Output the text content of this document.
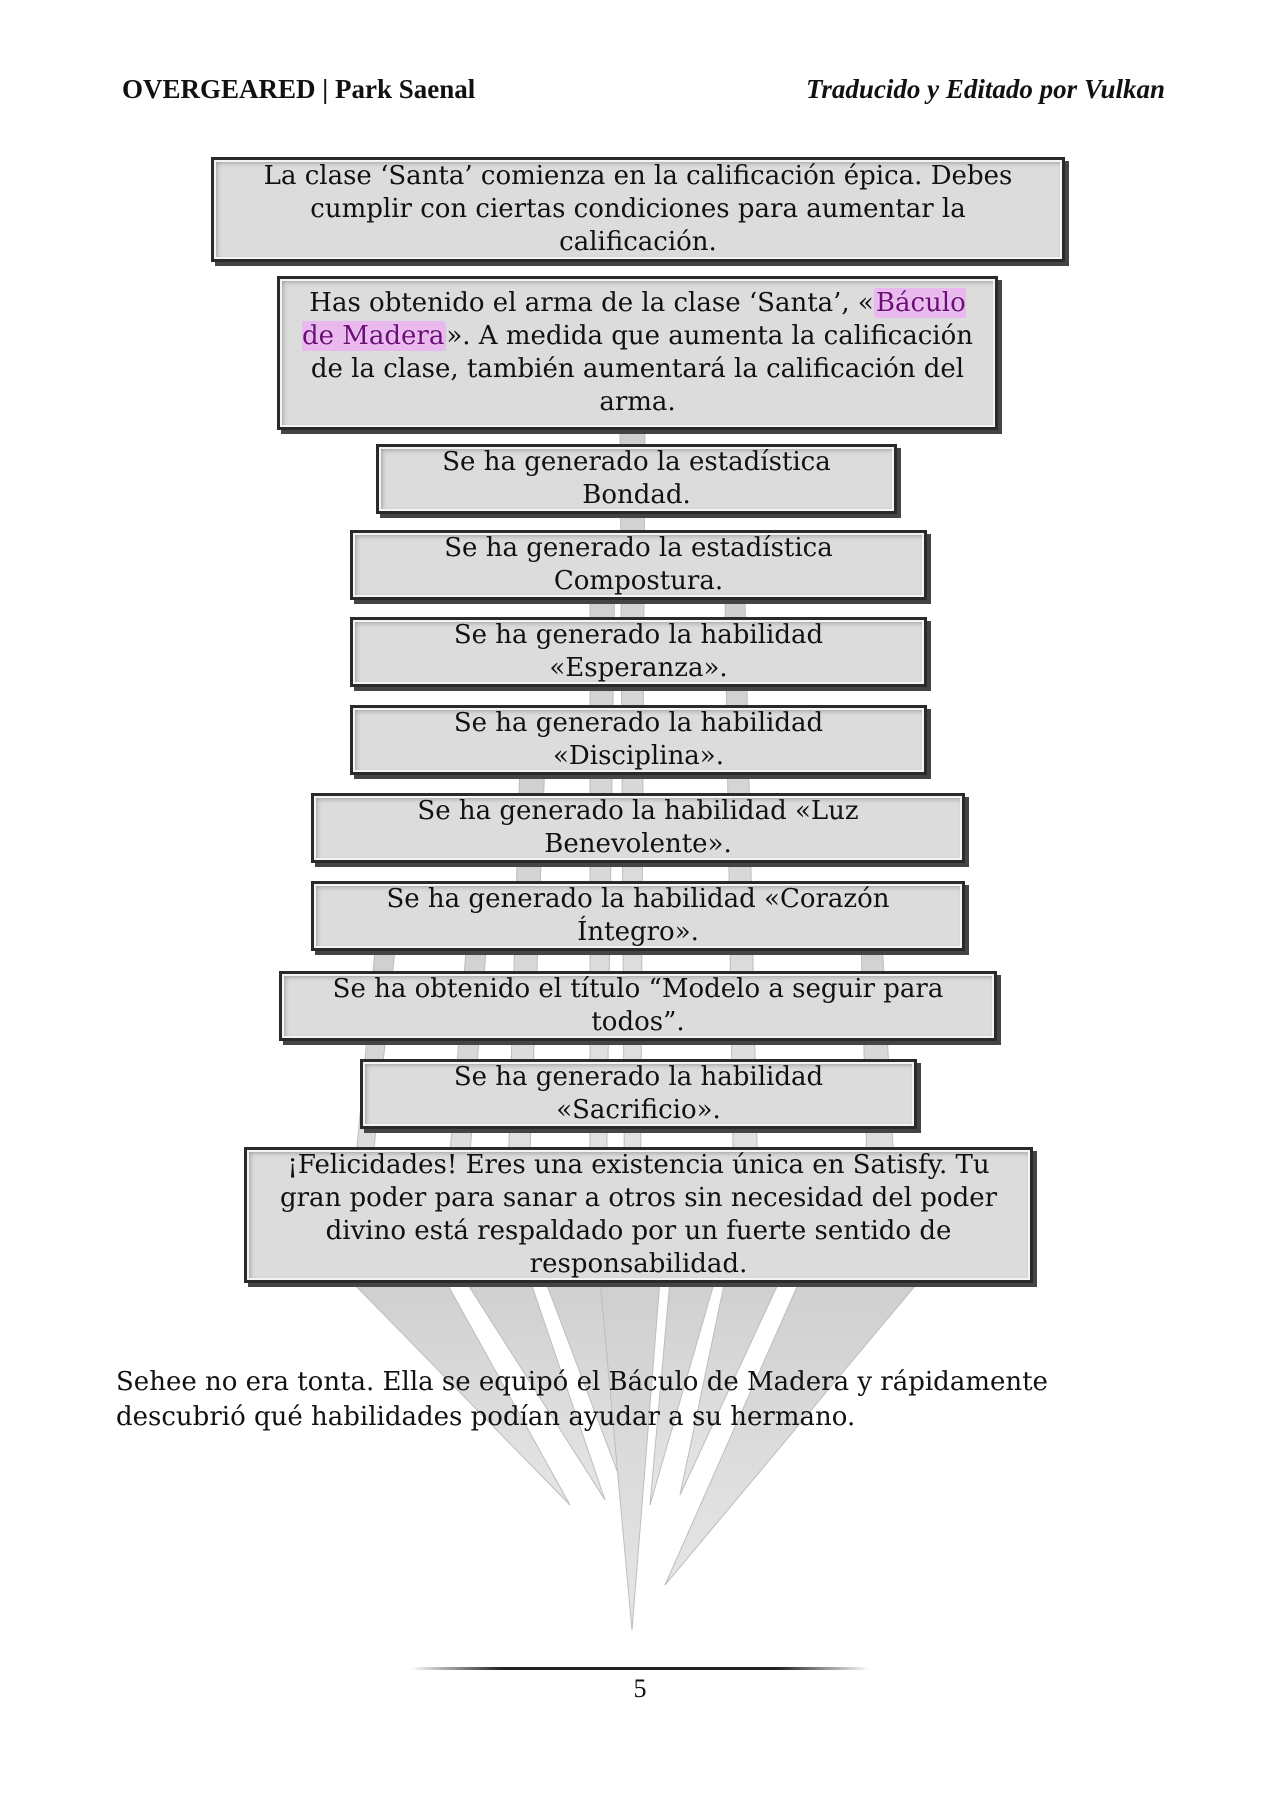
OVERGEARED | Park Saenal	Traducido y Editado por Vulkan

La clase ‘Santa’ comienza en la calificación épica. Debes cumplir con ciertas condiciones para aumentar la calificación.

Has obtenido el arma de la clase ‘Santa’, «Báculo de Madera». A medida que aumenta la calificación de la clase, también aumentará la calificación del arma.

Se ha generado la estadística Bondad.

Se ha generado la estadística Compostura.

Se ha generado la habilidad «Esperanza».

Se ha generado la habilidad «Disciplina».

Se ha generado la habilidad «Luz Benevolente».

Se ha generado la habilidad «Corazón Íntegro».

Se ha obtenido el título “Modelo a seguir para todos”.

Se ha generado la habilidad «Sacrificio».

¡Felicidades! Eres una existencia única en Satisfy. Tu gran poder para sanar a otros sin necesidad del poder divino está respaldado por un fuerte sentido de responsabilidad.

Sehee no era tonta. Ella se equipó el Báculo de Madera y rápidamente descubrió qué habilidades podían ayudar a su hermano.
5
